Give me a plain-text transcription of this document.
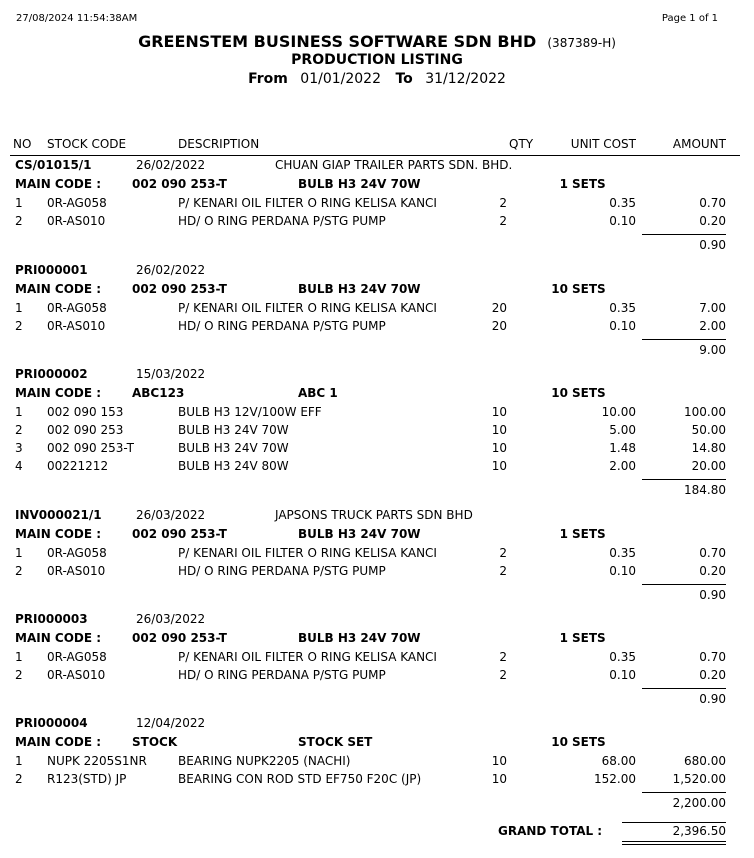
27/08/2024 11:54:38AM	Page 1 of 1
GREENSTEM BUSINESS SOFTWARE SDN BHD (387389-H)
PRODUCTION LISTING
From 01/01/2022 To 31/12/2022
NO STOCK CODE	DESCRIPTION	QTY	UNIT COST	AMOUNT
CS/01015/1	26/02/2022	CHUAN GIAP TRAILER PARTS SDN. BHD.
MAIN CODE :	002 090 253-T	BULB H3 24V 70W	1 SETS
1 0R-AG058	P/ KENARI OIL FILTER O RING KELISA KANCI	2	0.35	0.70
2 0R-AS010	HD/ O RING PERDANA P/STG PUMP	2	0.10	0.20
0.90
PRI000001	26/02/2022
MAIN CODE :	002 090 253-T	BULB H3 24V 70W	10 SETS
1 0R-AG058	P/ KENARI OIL FILTER O RING KELISA KANCI	20	0.35	7.00
2 0R-AS010	HD/ O RING PERDANA P/STG PUMP	20	0.10	2.00
9.00
PRI000002	15/03/2022
MAIN CODE :	ABC123	ABC 1	10 SETS
1 002 090 153	BULB H3 12V/100W EFF	10	10.00	100.00
2 002 090 253	BULB H3 24V 70W	10	5.00	50.00
3 002 090 253-T	BULB H3 24V 70W	10	1.48	14.80
4 00221212	BULB H3 24V 80W	10	2.00	20.00
184.80
INV000021/1	26/03/2022	JAPSONS TRUCK PARTS SDN BHD
MAIN CODE :	002 090 253-T	BULB H3 24V 70W	1 SETS
1 0R-AG058	P/ KENARI OIL FILTER O RING KELISA KANCI	2	0.35	0.70
2 0R-AS010	HD/ O RING PERDANA P/STG PUMP	2	0.10	0.20
0.90
PRI000003	26/03/2022
MAIN CODE :	002 090 253-T	BULB H3 24V 70W	1 SETS
1 0R-AG058	P/ KENARI OIL FILTER O RING KELISA KANCI	2	0.35	0.70
2 0R-AS010	HD/ O RING PERDANA P/STG PUMP	2	0.10	0.20
0.90
PRI000004	12/04/2022
MAIN CODE :	STOCK	STOCK SET	10 SETS
1 NUPK 2205S1NR	BEARING NUPK2205 (NACHI)	10	68.00	680.00
2 R123(STD) JP	BEARING CON ROD STD EF750 F20C (JP)	10	152.00	1,520.00
2,200.00
GRAND TOTAL :	2,396.50
